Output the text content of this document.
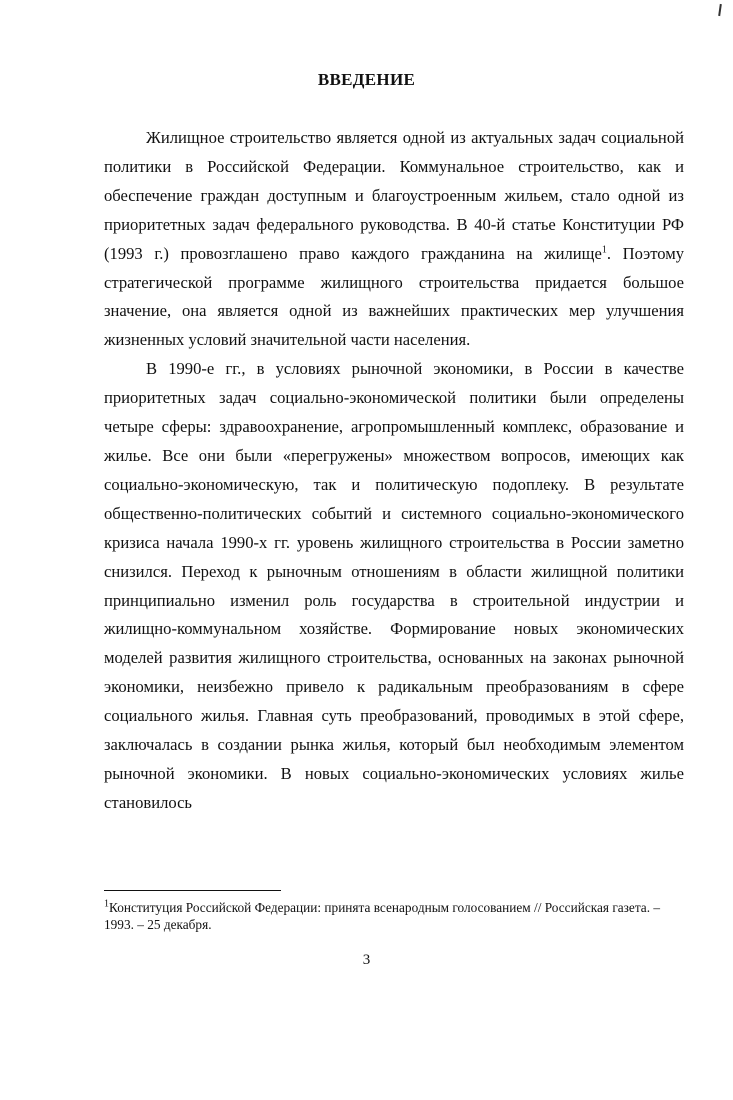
ВВЕДЕНИЕ

Жилищное строительство является одной из актуальных задач социальной политики в Российской Федерации. Коммунальное строительство, как и обеспечение граждан доступным и благоустроенным жильем, стало одной из приоритетных задач федерального руководства. В 40-й статье Конституции РФ (1993 г.) провозглашено право каждого гражданина на жилище$^1$. Поэтому стратегической программе жилищного строительства придается большое значение, она является одной из важнейших практических мер улучшения жизненных условий значительной части населения.

В 1990-е гг., в условиях рыночной экономики, в России в качестве приоритетных задач социально-экономической политики были определены четыре сферы: здравоохранение, агропромышленный комплекс, образование и жилье. Все они были «перегружены» множеством вопросов, имеющих как социально-экономическую, так и политическую подоплеку. В результате общественно-политических событий и системного социально-экономического кризиса начала 1990-х гг. уровень жилищного строительства в России заметно снизился. Переход к рыночным отношениям в области жилищной политики принципиально изменил роль государства в строительной индустрии и жилищно-коммунальном хозяйстве. Формирование новых экономических моделей развития жилищного строительства, основанных на законах рыночной экономики, неизбежно привело к радикальным преобразованиям в сфере социального жилья. Главная суть преобразований, проводимых в этой сфере, заключалась в создании рынка жилья, который был необходимым элементом рыночной экономики. В новых социально-экономических условиях жилье становилось

$^1$Конституция Российской Федерации: принята всенародным голосованием // Российская газета. – 1993. – 25 декабря.
3
